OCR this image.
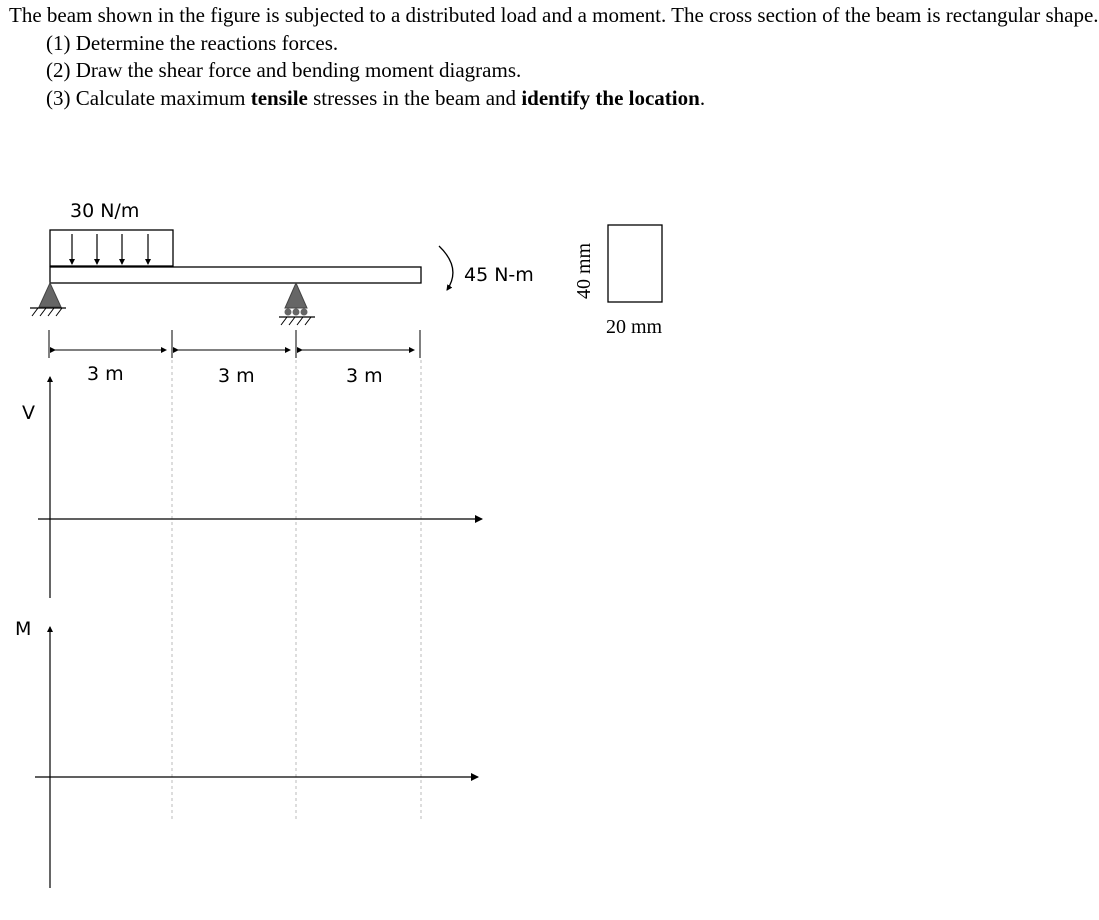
The beam shown in the figure is subjected to a distributed load and a moment. The cross section of the beam is rectangular shape.

(1) Determine the reactions forces.
(2) Draw the shear force and bending moment diagrams.
(3) Calculate maximum tensile stresses in the beam and identify the location.
30 N/m
45 N-m
3 m	3 m	3 m
40 mm
20 mm
V
M
